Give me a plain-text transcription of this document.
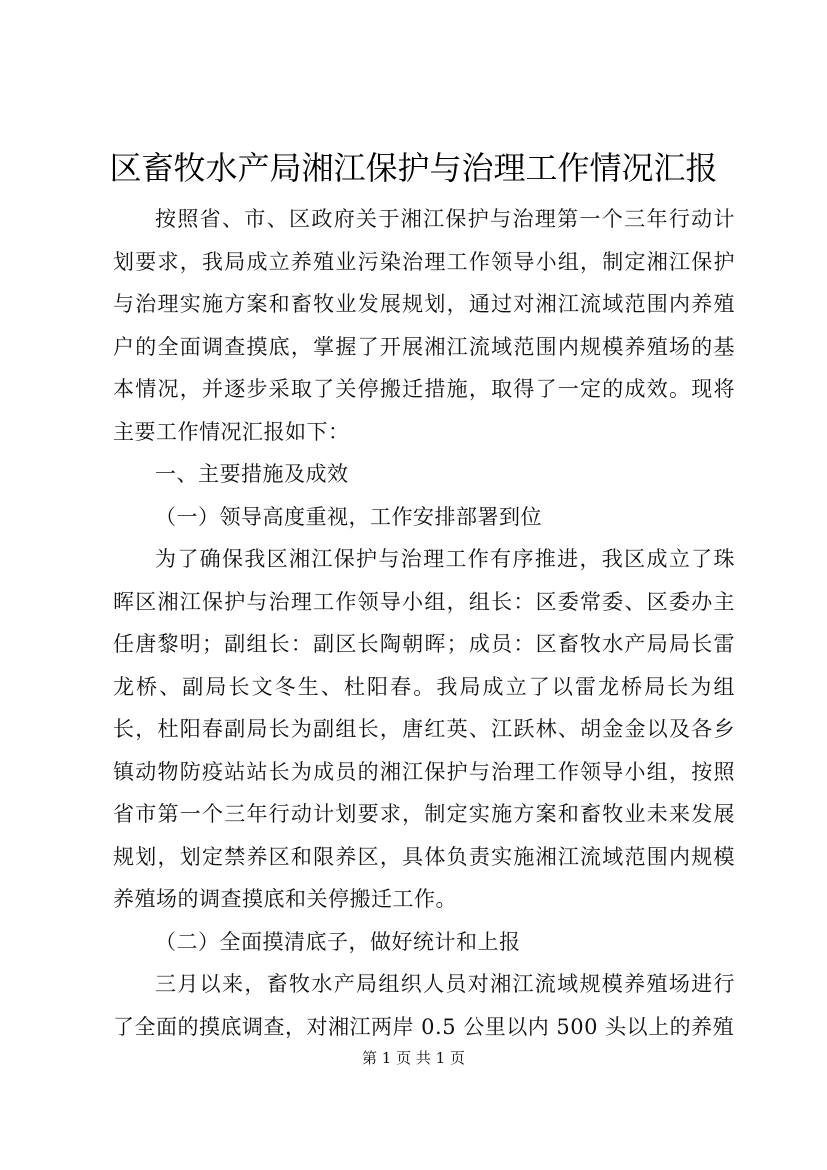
区畜牧水产局湘江保护与治理工作情况汇报

按照省、市、区政府关于湘江保护与治理第一个三年行动计划要求，我局成立养殖业污染治理工作领导小组，制定湘江保护与治理实施方案和畜牧业发展规划，通过对湘江流域范围内养殖户的全面调查摸底，掌握了开展湘江流域范围内规模养殖场的基本情况，并逐步采取了关停搬迁措施，取得了一定的成效。现将主要工作情况汇报如下：

一、主要措施及成效

（一）领导高度重视，工作安排部署到位

为了确保我区湘江保护与治理工作有序推进，我区成立了珠晖区湘江保护与治理工作领导小组，组长：区委常委、区委办主任唐黎明；副组长：副区长陶朝晖；成员：区畜牧水产局局长雷龙桥、副局长文冬生、杜阳春。我局成立了以雷龙桥局长为组长，杜阳春副局长为副组长，唐红英、江跃林、胡金金以及各乡镇动物防疫站站长为成员的湘江保护与治理工作领导小组，按照省市第一个三年行动计划要求，制定实施方案和畜牧业未来发展规划，划定禁养区和限养区，具体负责实施湘江流域范围内规模养殖场的调查摸底和关停搬迁工作。

（二）全面摸清底子，做好统计和上报

三月以来，畜牧水产局组织人员对湘江流域规模养殖场进行了全面的摸底调查，对湘江两岸 0.5 公里以内 500 头以上的养殖

第 1 页 共 1 页
